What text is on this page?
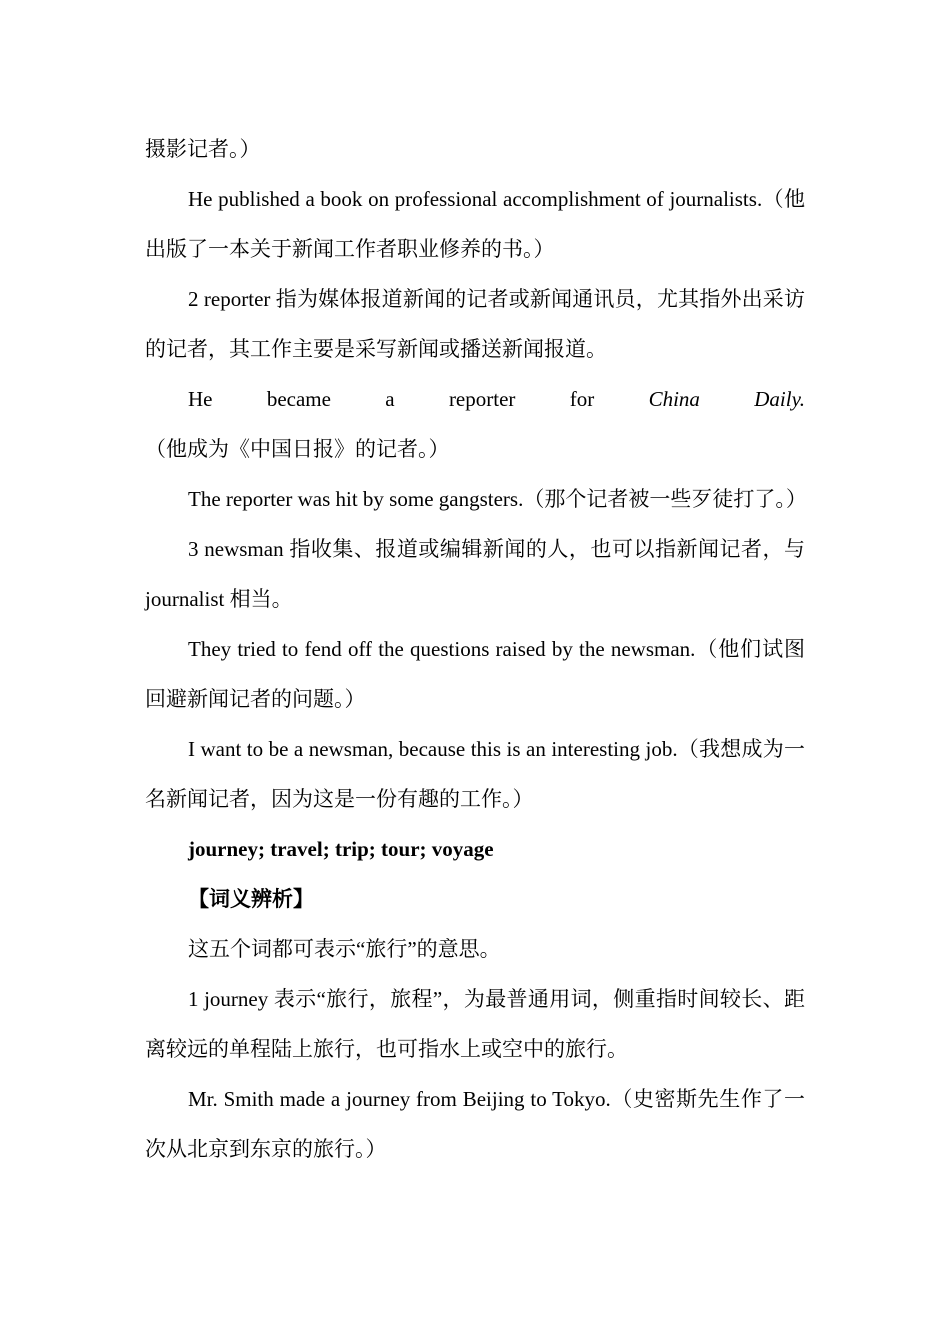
摄影记者。）

He published a book on professional accomplishment of journalists.（他出版了一本关于新闻工作者职业修养的书。）

2 reporter 指为媒体报道新闻的记者或新闻通讯员，尤其指外出采访的记者，其工作主要是采写新闻或播送新闻报道。

He became a reporter for China Daily.（他成为《中国日报》的记者。）

The reporter was hit by some gangsters.（那个记者被一些歹徒打了。）

3 newsman 指收集、报道或编辑新闻的人，也可以指新闻记者，与 journalist 相当。

They tried to fend off the questions raised by the newsman.（他们试图回避新闻记者的问题。）

I want to be a newsman, because this is an interesting job.（我想成为一名新闻记者，因为这是一份有趣的工作。）

journey; travel; trip; tour; voyage

【词义辨析】

这五个词都可表示“旅行”的意思。

1 journey 表示“旅行，旅程”，为最普通用词，侧重指时间较长、距离较远的单程陆上旅行，也可指水上或空中的旅行。

Mr. Smith made a journey from Beijing to Tokyo.（史密斯先生作了一次从北京到东京的旅行。）
